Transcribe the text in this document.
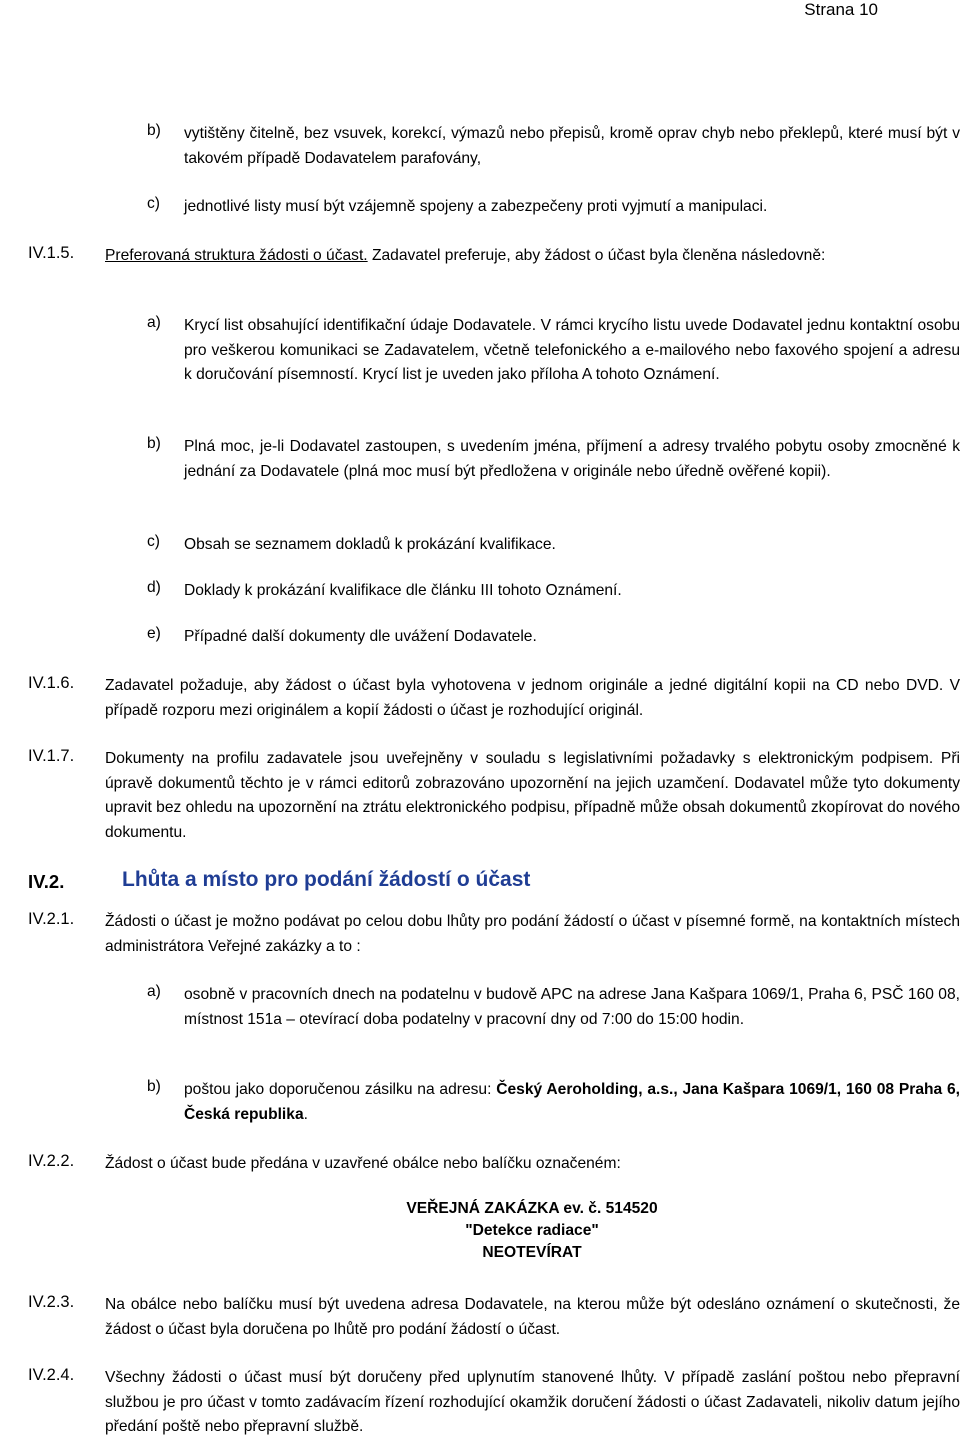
Strana 10
b) vytištěny čitelně, bez vsuvek, korekcí, výmazů nebo přepisů, kromě oprav chyb nebo překlepů, které musí být v takovém případě Dodavatelem parafovány,
c) jednotlivé listy musí být vzájemně spojeny a zabezpečeny proti vyjmutí a manipulaci.
IV.1.5. Preferovaná struktura žádosti o účast. Zadavatel preferuje, aby žádost o účast byla členěna následovně:
a) Krycí list obsahující identifikační údaje Dodavatele. V rámci krycího listu uvede Dodavatel jednu kontaktní osobu pro veškerou komunikaci se Zadavatelem, včetně telefonického a e-mailového nebo faxového spojení a adresu k doručování písemností. Krycí list je uveden jako příloha A tohoto Oznámení.
b) Plná moc, je-li Dodavatel zastoupen, s uvedením jména, příjmení a adresy trvalého pobytu osoby zmocněné k jednání za Dodavatele (plná moc musí být předložena v originále nebo úředně ověřené kopii).
c) Obsah se seznamem dokladů k prokázání kvalifikace.
d) Doklady k prokázání kvalifikace dle článku III tohoto Oznámení.
e) Případné další dokumenty dle uvážení Dodavatele.
IV.1.6. Zadavatel požaduje, aby žádost o účast byla vyhotovena v jednom originále a jedné digitální kopii na CD nebo DVD. V případě rozporu mezi originálem a kopií žádosti o účast je rozhodující originál.
IV.1.7. Dokumenty na profilu zadavatele jsou uveřejněny v souladu s legislativními požadavky s elektronickým podpisem. Při úpravě dokumentů těchto je v rámci editorů zobrazováno upozornění na jejich uzamčení. Dodavatel může tyto dokumenty upravit bez ohledu na upozornění na ztrátu elektronického podpisu, případně může obsah dokumentů zkopírovat do nového dokumentu.
IV.2.	Lhůta a místo pro podání žádostí o účast
IV.2.1. Žádosti o účast je možno podávat po celou dobu lhůty pro podání žádostí o účast v písemné formě, na kontaktních místech administrátora Veřejné zakázky a to :
a) osobně v pracovních dnech na podatelnu v budově APC na adrese Jana Kašpara 1069/1, Praha 6, PSČ 160 08, místnost 151a – otevírací doba podatelny v pracovní dny od 7:00 do 15:00 hodin.
b) poštou jako doporučenou zásilku na adresu: Český Aeroholding, a.s., Jana Kašpara 1069/1, 160 08 Praha 6, Česká republika.
IV.2.2. Žádost o účast bude předána v uzavřené obálce nebo balíčku označeném:
VEŘEJNÁ ZAKÁZKA ev. č. 514520
"Detekce radiace"
NEOTEVÍRAT
IV.2.3. Na obálce nebo balíčku musí být uvedena adresa Dodavatele, na kterou může být odesláno oznámení o skutečnosti, že žádost o účast byla doručena po lhůtě pro podání žádostí o účast.
IV.2.4. Všechny žádosti o účast musí být doručeny před uplynutím stanovené lhůty. V případě zaslání poštou nebo přepravní službou je pro účast v tomto zadávacím řízení rozhodující okamžik doručení žádosti o účast Zadavateli, nikoliv datum jejího předání poště nebo přepravní službě.
